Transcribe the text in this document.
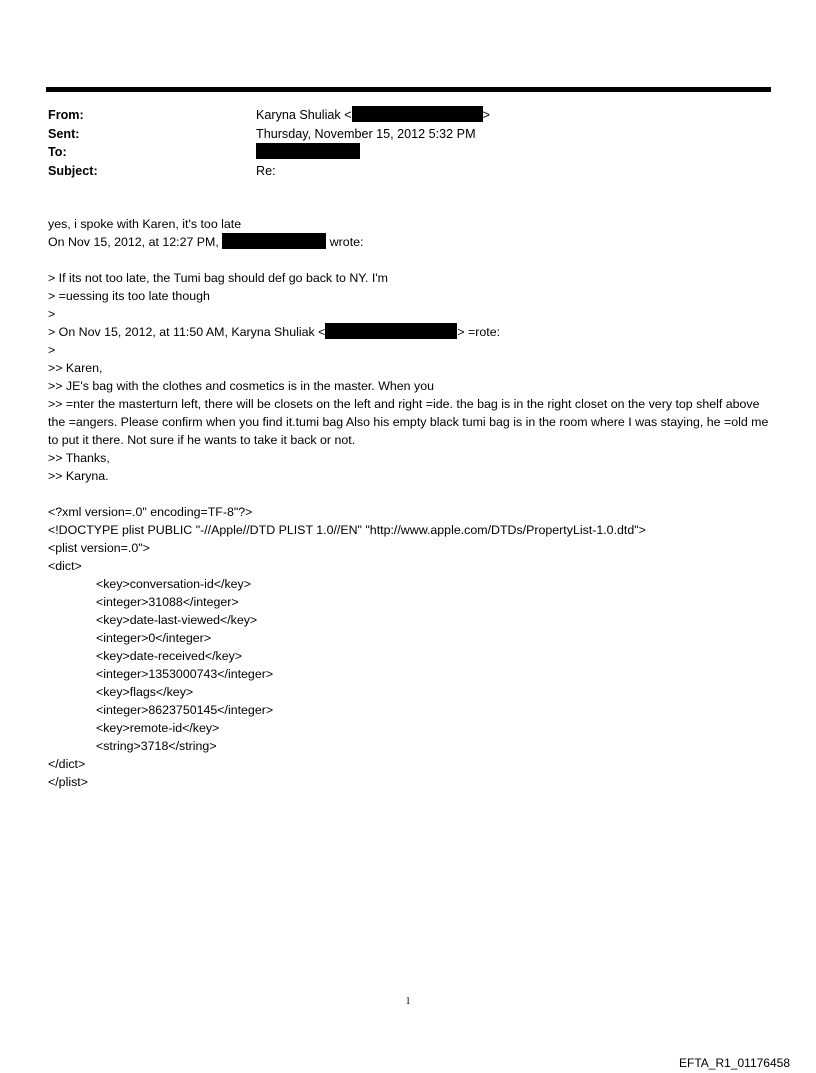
From:	Karyna Shuliak <	>
Sent:	Thursday, November 15, 2012 5:32 PM
To:
Subject:	Re:
yes, i spoke with Karen, it's too late
On Nov 15, 2012, at 12:27 PM,	wrote:
> If its not too late, the Tumi bag should def go back to NY. I'm
> =uessing its too late though
>
> On Nov 15, 2012, at 11:50 AM, Karyna Shuliak <	> =rote:
>
>> Karen,
>> JE's bag with the clothes and cosmetics is in the master. When you
>> =nter the masterturn left, there will be closets on the left and right =ide. the bag is in the right closet on the very top shelf above the =angers. Please confirm when you find it.tumi bag Also his empty black tumi bag is in the room where I was staying, he =old me to put it there. Not sure if he wants to take it back or not.
>> Thanks,
>> Karyna.
<?xml version=.0" encoding=TF-8"?>
<!DOCTYPE plist PUBLIC "-//Apple//DTD PLIST 1.0//EN" "http://www.apple.com/DTDs/PropertyList-1.0.dtd">
<plist version=.0">
<dict>
<key>conversation-id</key>
<integer>31088</integer>
<key>date-last-viewed</key>
<integer>0</integer>
<key>date-received</key>
<integer>1353000743</integer>
<key>flags</key>
<integer>8623750145</integer>
<key>remote-id</key>
<string>3718</string>
</dict>
</plist>
1
EFTA_R1_01176458
